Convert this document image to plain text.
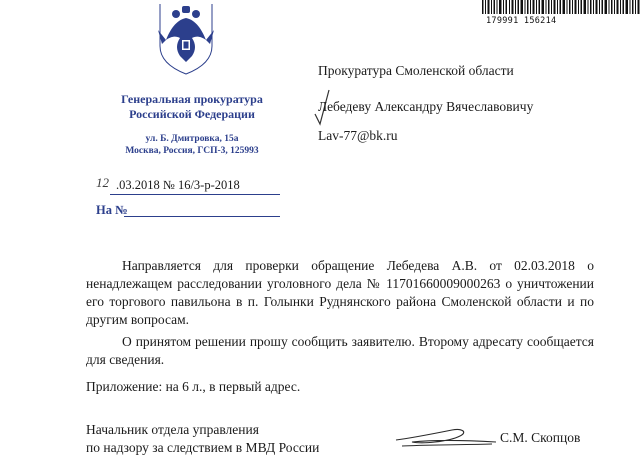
Генеральная прокуратура
Российской Федерации
ул. Б. Дмитровка, 15а
Москва, Россия, ГСП-3, 125993
12 .03.2018 № 16/3-р-2018
На №
179991 156214
Прокуратура Смоленской области
Лебедеву Александру Вячеславовичу
Lav-77@bk.ru
Направляется для проверки обращение Лебедева А.В. от 02.03.2018 о ненадлежащем расследовании уголовного дела № 11701660009000263 о уничтожении его торгового павильона в п. Голынки Руднянского района Смоленской области и по другим вопросам.
О принятом решении прошу сообщить заявителю. Второму адресату сообщается для сведения.
Приложение: на 6 л., в первый адрес.
Начальник отдела управления
по надзору за следствием в МВД России
С.М. Скопцов
